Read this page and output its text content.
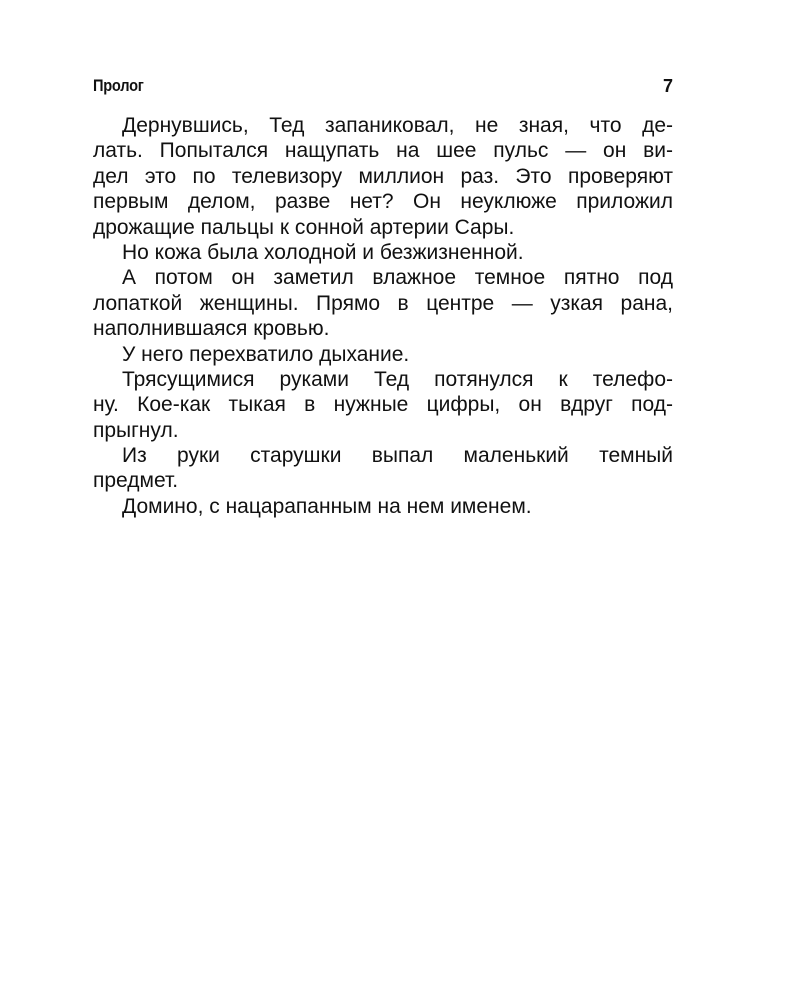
Пролог	7
Дернувшись, Тед запаниковал, не зная, что де-
лать. Попытался нащупать на шее пульс — он ви-
дел это по телевизору миллион раз. Это проверяют
первым делом, разве нет? Он неуклюже приложил
дрожащие пальцы к сонной артерии Сары.
Но кожа была холодной и безжизненной.
А потом он заметил влажное темное пятно под
лопаткой женщины. Прямо в центре — узкая рана,
наполнившаяся кровью.
У него перехватило дыхание.
Трясущимися руками Тед потянулся к телефо-
ну. Кое-как тыкая в нужные цифры, он вдруг под-
прыгнул.
Из руки старушки выпал маленький темный
предмет.
Домино, с нацарапанным на нем именем.
